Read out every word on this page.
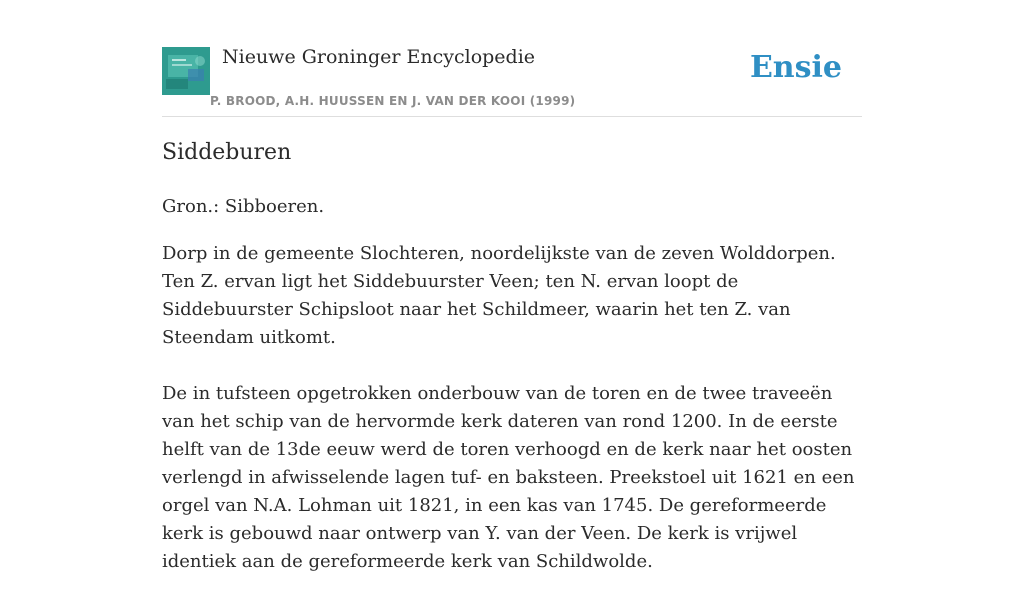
Nieuwe Groninger Encyclopedie
P. BROOD, A.H. HUUSSEN EN J. VAN DER KOOI (1999)
Ensie
Siddeburen

Gron.: Sibboeren.

Dorp in de gemeente Slochteren, noordelijkste van de zeven Wolddorpen. Ten Z. ervan ligt het Siddebuurster Veen; ten N. ervan loopt de Siddebuurster Schipsloot naar het Schildmeer, waarin het ten Z. van Steendam uitkomt.

De in tufsteen opgetrokken onderbouw van de toren en de twee traveeën van het schip van de hervormde kerk dateren van rond 1200. In de eerste helft van de 13de eeuw werd de toren verhoogd en de kerk naar het oosten verlengd in afwisselende lagen tuf- en baksteen. Preekstoel uit 1621 en een orgel van N.A. Lohman uit 1821, in een kas van 1745. De gereformeerde kerk is gebouwd naar ontwerp van Y. van der Veen. De kerk is vrijwel identiek aan de gereformeerde kerk van Schildwolde.
